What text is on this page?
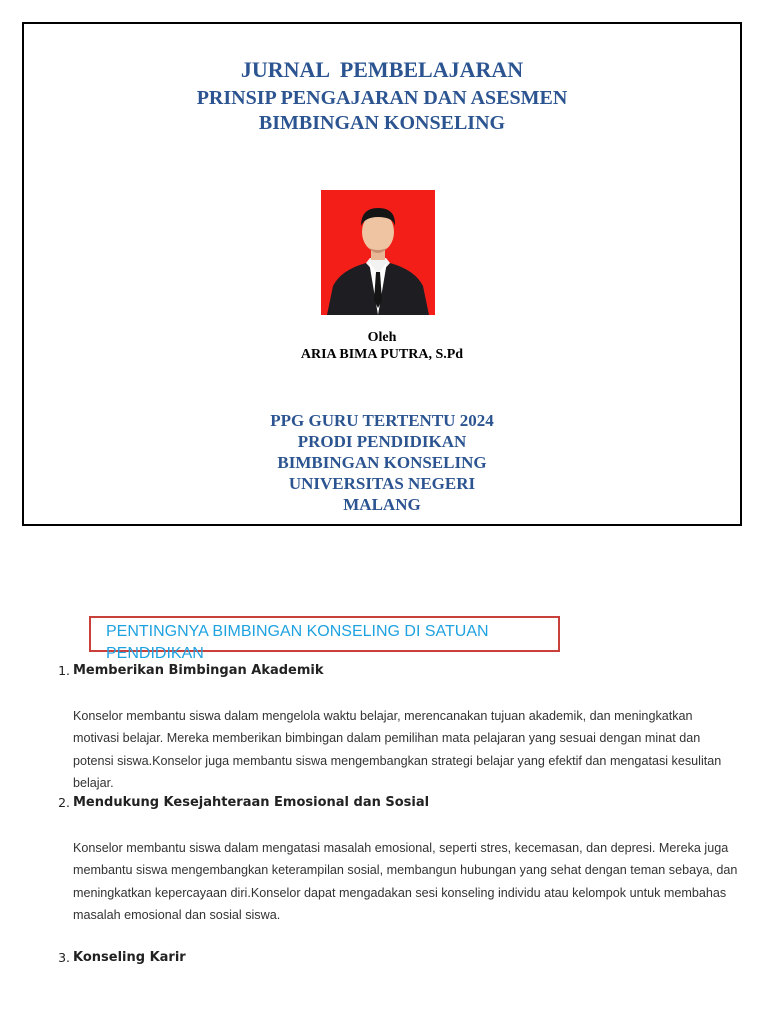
JURNAL  PEMBELAJARAN
PRINSIP PENGAJARAN DAN ASESMEN
BIMBINGAN KONSELING
Oleh
ARIA BIMA PUTRA, S.Pd
PPG GURU TERTENTU 2024
PRODI PENDIDIKAN
BIMBINGAN KONSELING
UNIVERSITAS NEGERI
MALANG
PENTINGNYA BIMBINGAN KONSELING DI SATUAN PENDIDIKAN
1. Memberikan Bimbingan Akademik
Konselor membantu siswa dalam mengelola waktu belajar, merencanakan tujuan akademik, dan meningkatkan motivasi belajar. Mereka memberikan bimbingan dalam pemilihan mata pelajaran yang sesuai dengan minat dan potensi siswa.Konselor juga membantu siswa mengembangkan strategi belajar yang efektif dan mengatasi kesulitan belajar.
2. Mendukung Kesejahteraan Emosional dan Sosial
Konselor membantu siswa dalam mengatasi masalah emosional, seperti stres, kecemasan, dan depresi. Mereka juga membantu siswa mengembangkan keterampilan sosial, membangun hubungan yang sehat dengan teman sebaya, dan meningkatkan kepercayaan diri.Konselor dapat mengadakan sesi konseling individu atau kelompok untuk membahas masalah emosional dan sosial siswa.
3. Konseling Karir
